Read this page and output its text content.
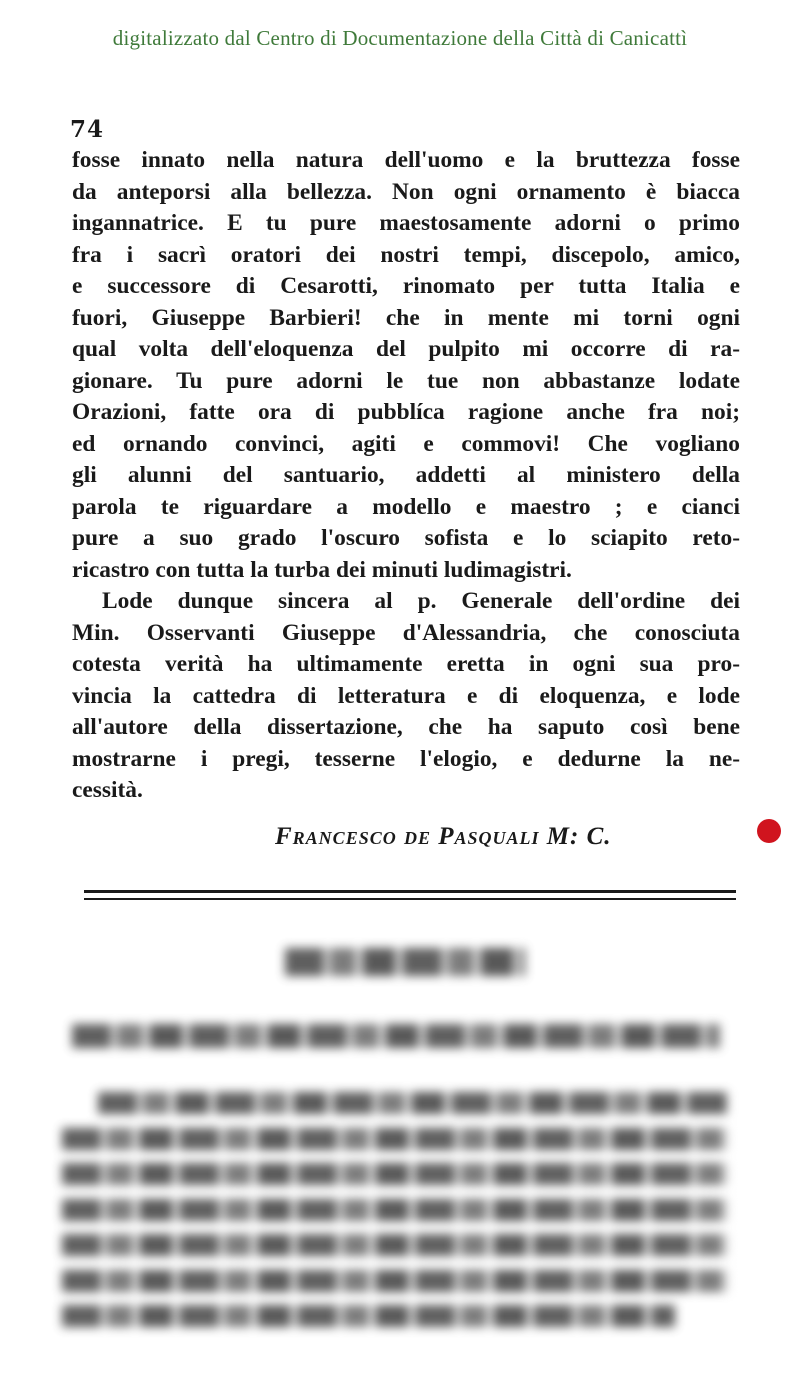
digitalizzato dal Centro di Documentazione della Città di Canicattì
74
fosse innato nella natura dell'uomo e la bruttezza fosse
da anteporsi alla bellezza. Non ogni ornamento è biacca
ingannatrice. E tu pure maestosamente adorni o primo
fra i sacrì oratori dei nostri tempi, discepolo, amico,
e successore di Cesarotti, rinomato per tutta Italia e
fuori, Giuseppe Barbieri! che in mente mi torni ogni
qual volta dell'eloquenza del pulpito mi occorre di ra-
gionare. Tu pure adorni le tue non abbastanze lodate
Orazioni, fatte ora di pubblíca ragione anche fra noi;
ed ornando convinci, agiti e commovi! Che vogliano
gli alunni del santuario, addetti al ministero della
parola te riguardare a modello e maestro ; e cianci
pure a suo grado l'oscuro sofista e lo sciapito reto-
ricastro con tutta la turba dei minuti ludimagistri.
Lode dunque sincera al p. Generale dell'ordine dei
Min. Osservanti Giuseppe d'Alessandria, che conosciuta
cotesta verità ha ultimamente eretta in ogni sua pro-
vincia la cattedra di letteratura e di eloquenza, e lode
all'autore della dissertazione, che ha saputo così bene
mostrarne i pregi, tesserne l'elogio, e dedurne la ne-
cessità.
Francesco de Pasquali M: C.
